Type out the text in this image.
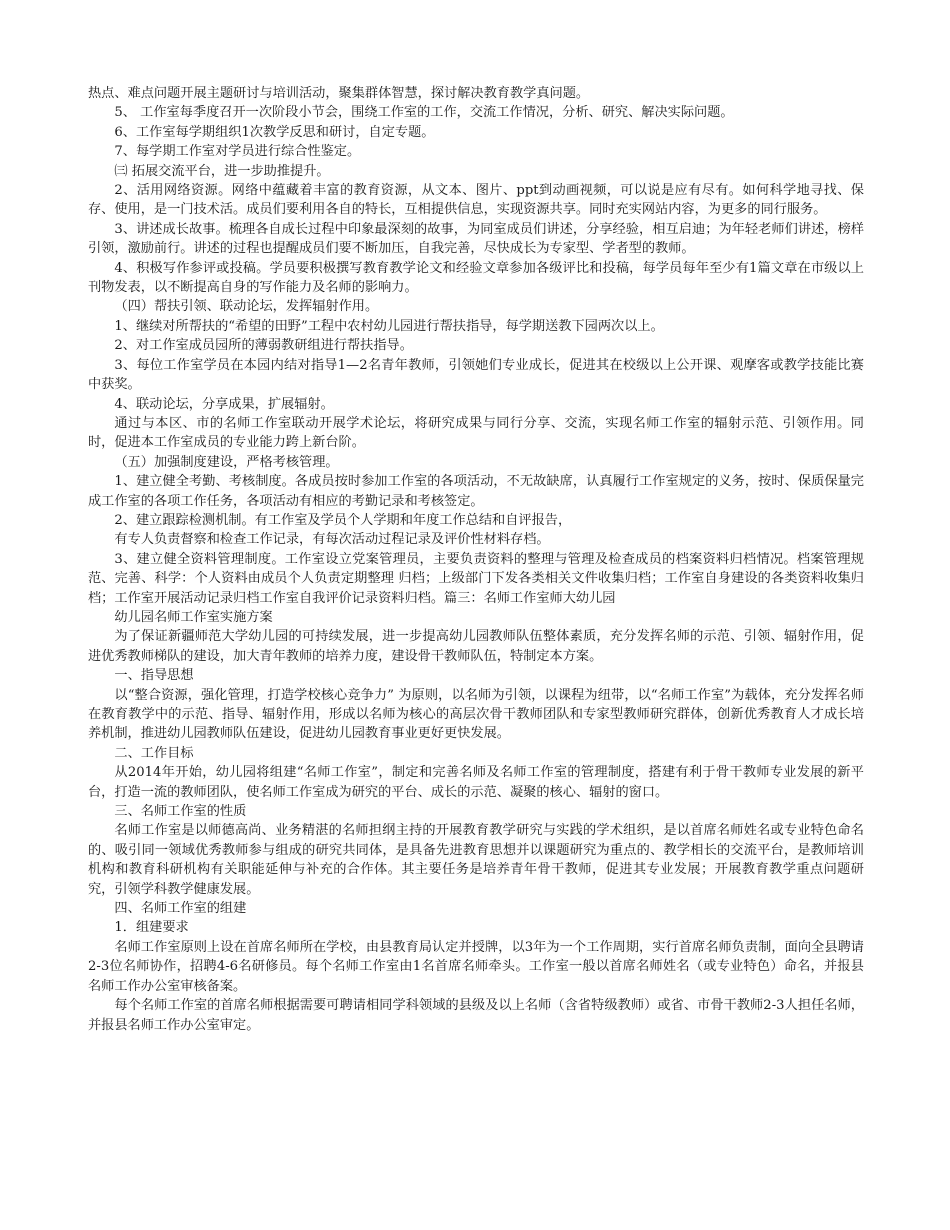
热点、难点问题开展主题研讨与培训活动，聚集群体智慧，探讨解决教育教学真问题。

5、 工作室每季度召开一次阶段小节会，围绕工作室的工作，交流工作情况，分析、研究、解决实际问题。

6、工作室每学期组织1次教学反思和研讨，自定专题。

7、每学期工作室对学员进行综合性鉴定。

㈢ 拓展交流平台，进一步助推提升。

2、活用网络资源。网络中蕴藏着丰富的教育资源，从文本、图片、ppt到动画视频，可以说是应有尽有。如何科学地寻找、保存、使用，是一门技术活。成员们要利用各自的特长，互相提供信息，实现资源共享。同时充实网站内容，为更多的同行服务。

3、讲述成长故事。梳理各自成长过程中印象最深刻的故事，为同室成员们讲述，分享经验，相互启迪；为年轻老师们讲述，榜样引领，激励前行。讲述的过程也提醒成员们要不断加压，自我完善，尽快成长为专家型、学者型的教师。

4、积极写作参评或投稿。学员要积极撰写教育教学论文和经验文章参加各级评比和投稿，每学员每年至少有1篇文章在市级以上刊物发表，以不断提高自身的写作能力及名师的影响力。

（四）帮扶引领、联动论坛，发挥辐射作用。

1、继续对所帮扶的“希望的田野”工程中农村幼儿园进行帮扶指导，每学期送教下园两次以上。

2、对工作室成员园所的薄弱教研组进行帮扶指导。

3、每位工作室学员在本园内结对指导1—2名青年教师，引领她们专业成长，促进其在校级以上公开课、观摩客或教学技能比赛中获奖。

4、联动论坛，分享成果，扩展辐射。

通过与本区、市的名师工作室联动开展学术论坛，将研究成果与同行分享、交流，实现名师工作室的辐射示范、引领作用。同时，促进本工作室成员的专业能力跨上新台阶。

（五）加强制度建设，严格考核管理。

1、建立健全考勤、考核制度。各成员按时参加工作室的各项活动，不无故缺席，认真履行工作室规定的义务，按时、保质保量完成工作室的各项工作任务，各项活动有相应的考勤记录和考核签定。

2、建立跟踪检测机制。有工作室及学员个人学期和年度工作总结和自评报告，

有专人负责督察和检查工作记录，有每次活动过程记录及评价性材料存档。

3、建立健全资料管理制度。工作室设立党案管理员，主要负责资料的整理与管理及检查成员的档案资料归档情况。档案管理规范、完善、科学：个人资料由成员个人负责定期整理 归档；上级部门下发各类相关文件收集归档；工作室自身建设的各类资料收集归档；工作室开展活动记录归档工作室自我评价记录资料归档。篇三：名师工作室师大幼儿园

幼儿园名师工作室实施方案

为了保证新疆师范大学幼儿园的可持续发展，进一步提高幼儿园教师队伍整体素质，充分发挥名师的示范、引领、辐射作用，促进优秀教师梯队的建设，加大青年教师的培养力度，建设骨干教师队伍，特制定本方案。

一、指导思想

以“整合资源，强化管理，打造学校核心竞争力” 为原则，以名师为引领，以课程为纽带，以“名师工作室”为载体，充分发挥名师在教育教学中的示范、指导、辐射作用，形成以名师为核心的高层次骨干教师团队和专家型教师研究群体，创新优秀教育人才成长培养机制，推进幼儿园教师队伍建设，促进幼儿园教育事业更好更快发展。

二、工作目标

从2014年开始，幼儿园将组建“名师工作室”，制定和完善名师及名师工作室的管理制度，搭建有利于骨干教师专业发展的新平台，打造一流的教师团队，使名师工作室成为研究的平台、成长的示范、凝聚的核心、辐射的窗口。

三、名师工作室的性质

名师工作室是以师德高尚、业务精湛的名师担纲主持的开展教育教学研究与实践的学术组织，是以首席名师姓名或专业特色命名的、吸引同一领域优秀教师参与组成的研究共同体，是具备先进教育思想并以课题研究为重点的、教学相长的交流平台，是教师培训机构和教育科研机构有关职能延伸与补充的合作体。其主要任务是培养青年骨干教师，促进其专业发展；开展教育教学重点问题研究，引领学科教学健康发展。

四、名师工作室的组建

1．组建要求

名师工作室原则上设在首席名师所在学校，由县教育局认定并授牌，以3年为一个工作周期，实行首席名师负责制，面向全县聘请2-3位名师协作，招聘4-6名研修员。每个名师工作室由1名首席名师牵头。工作室一般以首席名师姓名（或专业特色）命名，并报县名师工作办公室审核备案。

每个名师工作室的首席名师根据需要可聘请相同学科领域的县级及以上名师（含省特级教师）或省、市骨干教师2-3人担任名师，并报县名师工作办公室审定。
